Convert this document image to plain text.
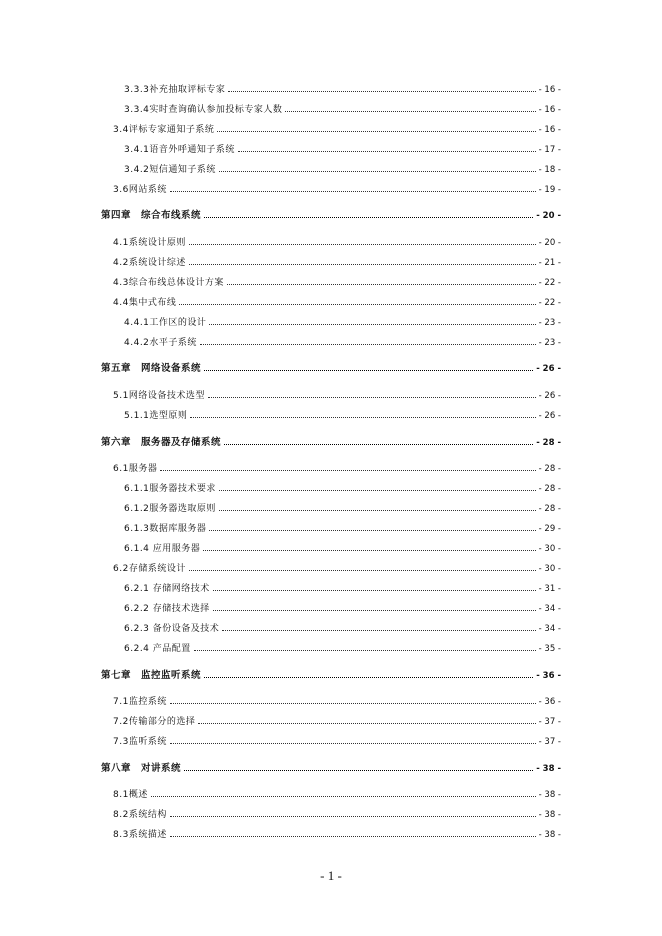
3.3.3补充抽取评标专家	- 16 -
3.3.4实时查询确认参加投标专家人数	- 16 -
3.4评标专家通知子系统	- 16 -
3.4.1语音外呼通知子系统	- 17 -
3.4.2短信通知子系统	- 18 -
3.6网站系统	- 19 -
第四章　综合布线系统	- 20 -
4.1系统设计原则	- 20 -
4.2系统设计综述	- 21 -
4.3综合布线总体设计方案	- 22 -
4.4集中式布线	- 22 -
4.4.1工作区的设计	- 23 -
4.4.2水平子系统	- 23 -
第五章　网络设备系统	- 26 -
5.1网络设备技术选型	- 26 -
5.1.1选型原则	- 26 -
第六章　服务器及存储系统	- 28 -
6.1服务器	- 28 -
6.1.1服务器技术要求	- 28 -
6.1.2服务器选取原则	- 28 -
6.1.3数据库服务器	- 29 -
6.1.4 应用服务器	- 30 -
6.2存储系统设计	- 30 -
6.2.1 存储网络技术	- 31 -
6.2.2 存储技术选择	- 34 -
6.2.3 备份设备及技术	- 34 -
6.2.4 产品配置	- 35 -
第七章　监控监听系统	- 36 -
7.1监控系统	- 36 -
7.2传输部分的选择	- 37 -
7.3监听系统	- 37 -
第八章　对讲系统	- 38 -
8.1概述	- 38 -
8.2系统结构	- 38 -
8.3系统描述	- 38 -
- 1 -
